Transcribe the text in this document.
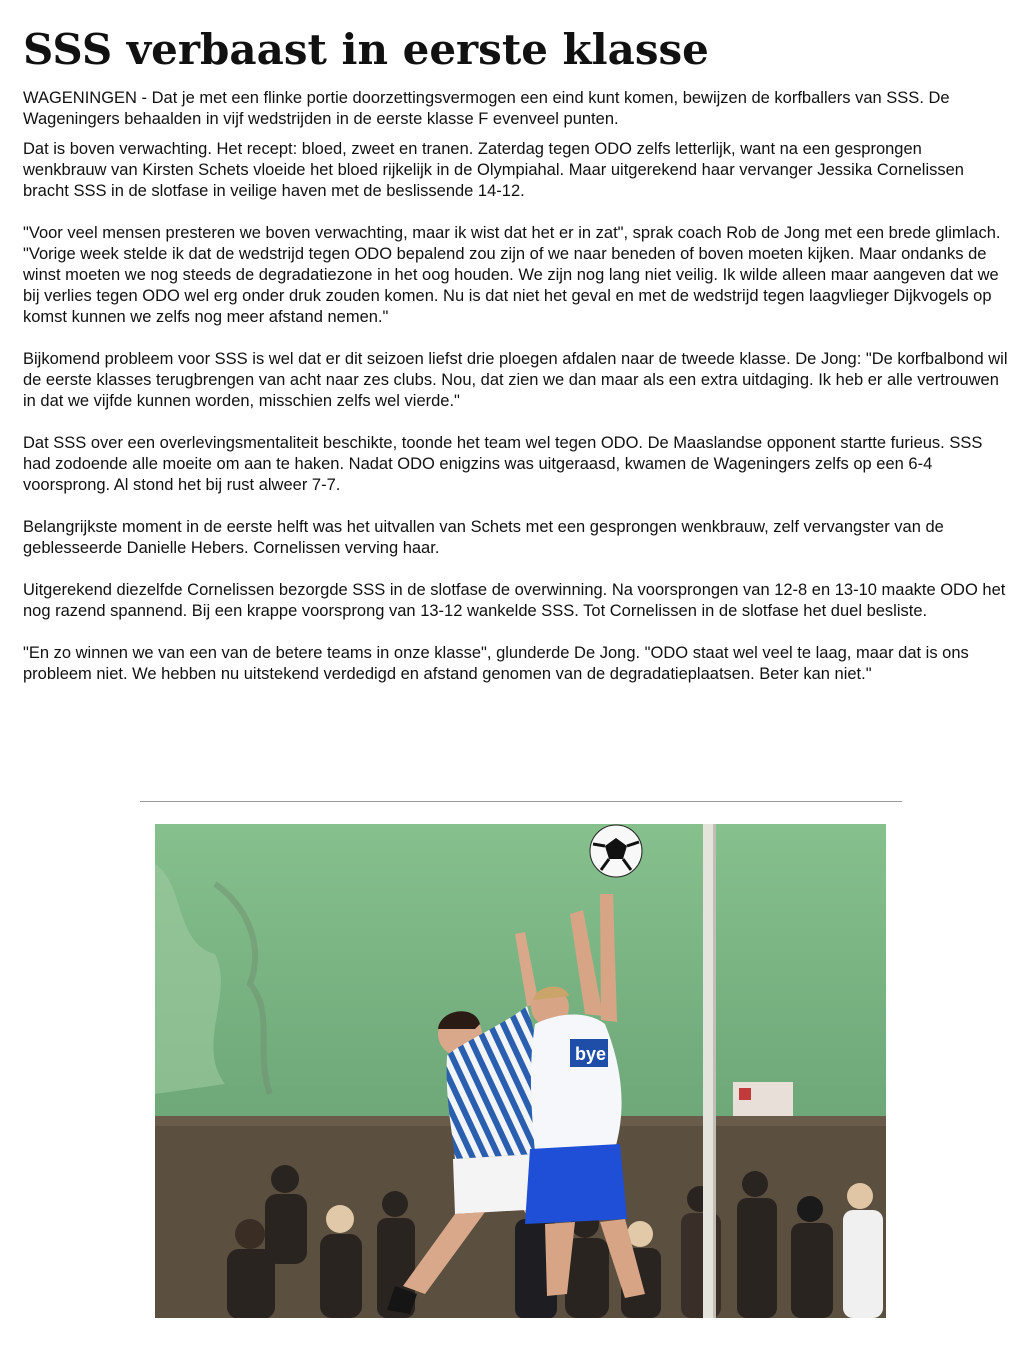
SSS verbaast in eerste klasse

WAGENINGEN - Dat je met een flinke portie doorzettingsvermogen een eind kunt komen, bewijzen de korfballers van SSS. De Wageningers behaalden in vijf wedstrijden in de eerste klasse F evenveel punten.

Dat is boven verwachting. Het recept: bloed, zweet en tranen. Zaterdag tegen ODO zelfs letterlijk, want na een gesprongen wenkbrauw van Kirsten Schets vloeide het bloed rijkelijk in de Olympiahal. Maar uitgerekend haar vervanger Jessika Cornelissen bracht SSS in de slotfase in veilige haven met de beslissende 14-12.

"Voor veel mensen presteren we boven verwachting, maar ik wist dat het er in zat", sprak coach Rob de Jong met een brede glimlach. "Vorige week stelde ik dat de wedstrijd tegen ODO bepalend zou zijn of we naar beneden of boven moeten kijken. Maar ondanks de winst moeten we nog steeds de degradatiezone in het oog houden. We zijn nog lang niet veilig. Ik wilde alleen maar aangeven dat we bij verlies tegen ODO wel erg onder druk zouden komen. Nu is dat niet het geval en met de wedstrijd tegen laagvlieger Dijkvogels op komst kunnen we zelfs nog meer afstand nemen."

Bijkomend probleem voor SSS is wel dat er dit seizoen liefst drie ploegen afdalen naar de tweede klasse. De Jong: "De korfbalbond wil de eerste klasses terugbrengen van acht naar zes clubs. Nou, dat zien we dan maar als een extra uitdaging. Ik heb er alle vertrouwen in dat we vijfde kunnen worden, misschien zelfs wel vierde."

Dat SSS over een overlevingsmentaliteit beschikte, toonde het team wel tegen ODO. De Maaslandse opponent startte furieus. SSS had zodoende alle moeite om aan te haken. Nadat ODO enigzins was uitgeraasd, kwamen de Wageningers zelfs op een 6-4 voorsprong. Al stond het bij rust alweer 7-7.

Belangrijkste moment in de eerste helft was het uitvallen van Schets met een gesprongen wenkbrauw, zelf vervangster van de geblesseerde Danielle Hebers. Cornelissen verving haar.

Uitgerekend diezelfde Cornelissen bezorgde SSS in de slotfase de overwinning. Na voorsprongen van 12-8 en 13-10 maakte ODO het nog razend spannend. Bij een krappe voorsprong van 13-12 wankelde SSS. Tot Cornelissen in de slotfase het duel besliste.

"En zo winnen we van een van de betere teams in onze klasse", glunderde De Jong. "ODO staat wel veel te laag, maar dat is ons probleem niet. We hebben nu uitstekend verdedigd en afstand genomen van de degradatieplaatsen. Beter kan niet."

bye
